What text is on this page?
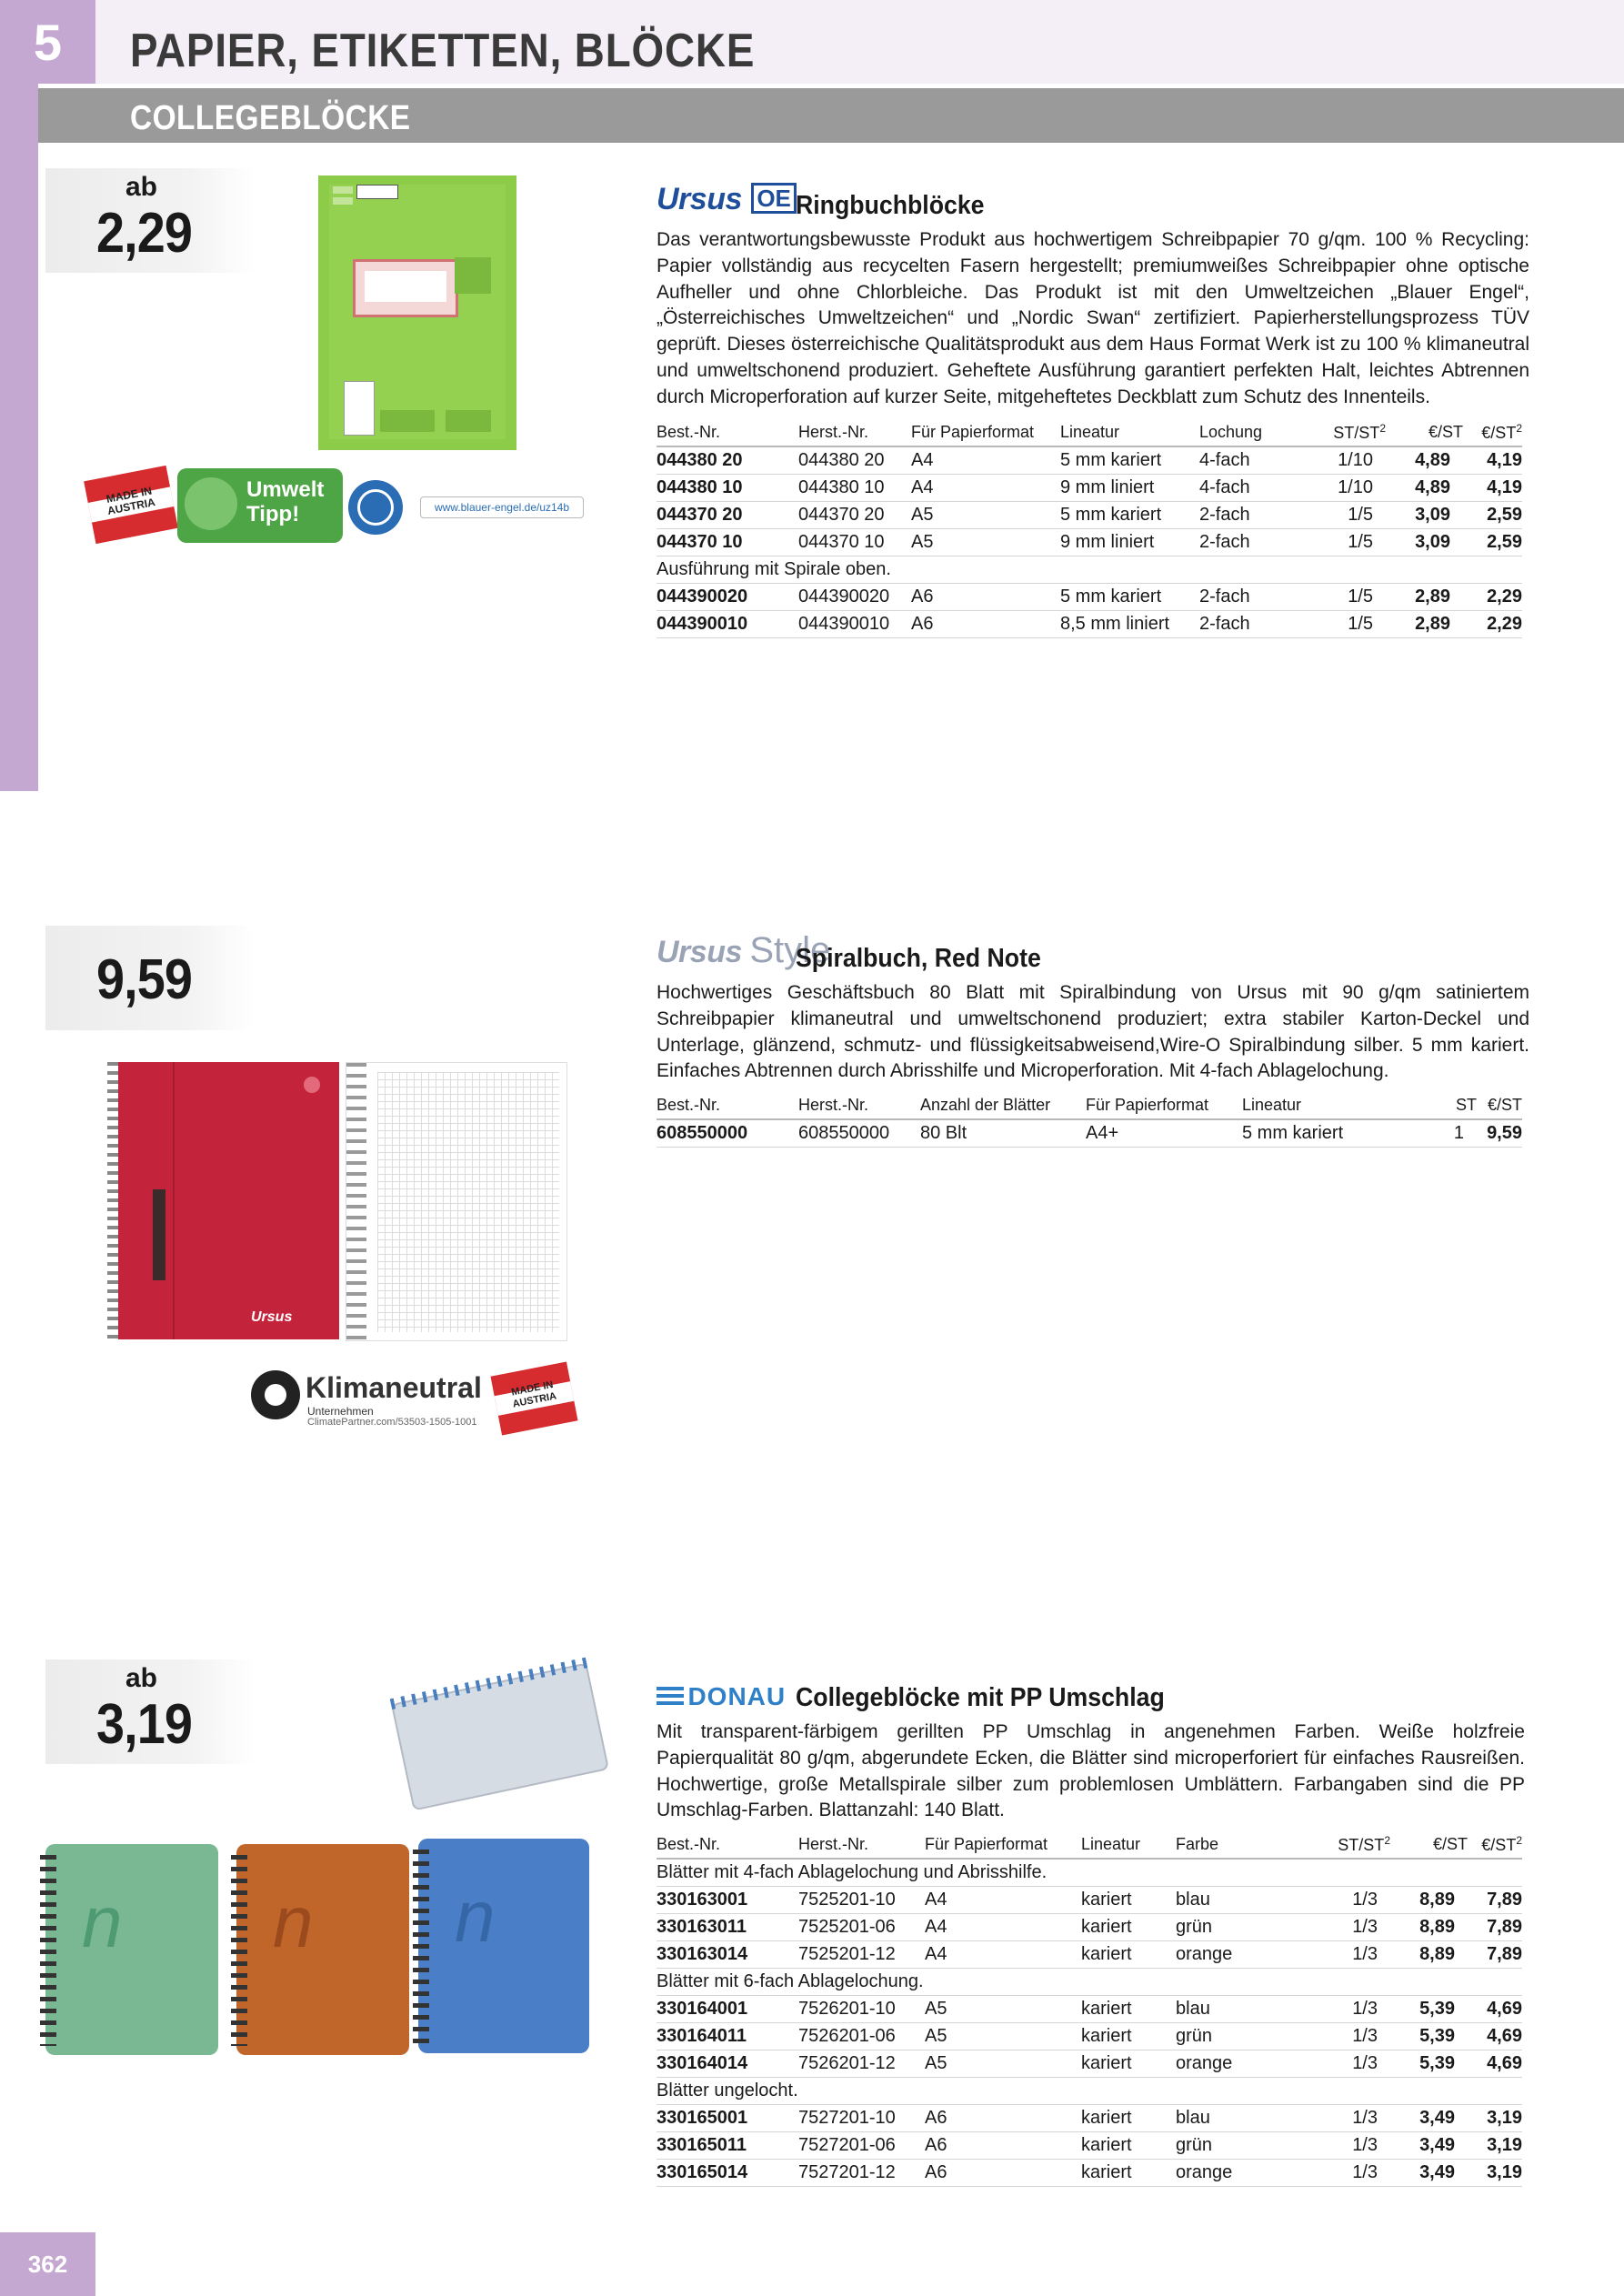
5	PAPIER, ETIKETTEN, BLÖCKE
COLLEGEBLÖCKE
ab
2,29
MADE IN AUSTRIA
Umwelt Tipp!	www.blauer-engel.de/uz14b
Ursus OE Ringbuchblöcke
Das verantwortungsbewusste Produkt aus hochwertigem Schreibpapier 70 g/qm. 100 % Recycling: Papier vollständig aus recycelten Fasern hergestellt; premiumweißes Schreibpapier ohne optische Aufheller und ohne Chlorbleiche. Das Produkt ist mit den Umweltzeichen „Blauer Engel“, „Österreichisches Umweltzeichen“ und „Nordic Swan“ zertifiziert. Papierherstellungsprozess TÜV geprüft. Dieses österreichische Qualitätsprodukt aus dem Haus Format Werk ist zu 100 % klimaneutral und umweltschonend produziert. Geheftete Ausführung garantiert perfekten Halt, leichtes Abtrennen durch Microperforation auf kurzer Seite, mitgeheftetes Deckblatt zum Schutz des Innenteils.
Best.-Nr.	Herst.-Nr.	Für Papierformat	Lineatur	Lochung	$ST/ST^2$	€/ST	$€/ST^2$
044380 20	044380 20	A4	5 mm kariert	4-fach	1/10	4,89	4,19
044380 10	044380 10	A4	9 mm liniert	4-fach	1/10	4,89	4,19
044370 20	044370 20	A5	5 mm kariert	2-fach	1/5	3,09	2,59
044370 10	044370 10	A5	9 mm liniert	2-fach	1/5	3,09	2,59
Ausführung mit Spirale oben.							
044390020	044390020	A6	5 mm kariert	2-fach	1/5	2,89	2,29
044390010	044390010	A6	8,5 mm liniert	2-fach	1/5	2,89	2,29
9,59
Ursus
Klimaneutral
Unternehmen
ClimatePartner.com/53503-1505-1001
MADE IN AUSTRIA
Ursus Style
Spiralbuch, Red Note
Hochwertiges Geschäftsbuch 80 Blatt mit Spiralbindung von Ursus mit 90 g/qm satiniertem Schreibpapier klimaneutral und umweltschonend produziert; extra stabiler Karton-Deckel und Unterlage, glänzend, schmutz- und flüssigkeitsabweisend,Wire-O Spiralbindung silber. 5 mm kariert. Einfaches Abtrennen durch Abrisshilfe und Microperforation. Mit 4-fach Ablagelochung.
Best.-Nr.	Herst.-Nr.	Anzahl der Blätter	Für Papierformat	Lineatur	ST	€/ST
608550000	608550000	80 Blt	A4+	5 mm kariert	1	9,59
ab
3,19
n n n
DONAU Collegeblöcke mit PP Umschlag
Mit transparent-färbigem gerillten PP Umschlag in angenehmen Farben. Weiße holzfreie Papierqualität 80 g/qm, abgerundete Ecken, die Blätter sind microperforiert für einfaches Rausreißen. Hochwertige, große Metallspirale silber zum problemlosen Umblättern. Farbangaben sind die PP Umschlag-Farben. Blattanzahl: 140 Blatt.
Best.-Nr.	Herst.-Nr.	Für Papierformat	Lineatur	Farbe	$ST/ST^2$	€/ST	$€/ST^2$
Blätter mit 4-fach Ablagelochung und Abrisshilfe.							
330163001	7525201-10	A4	kariert	blau	1/3	8,89	7,89
330163011	7525201-06	A4	kariert	grün	1/3	8,89	7,89
330163014	7525201-12	A4	kariert	orange	1/3	8,89	7,89
Blätter mit 6-fach Ablagelochung.							
330164001	7526201-10	A5	kariert	blau	1/3	5,39	4,69
330164011	7526201-06	A5	kariert	grün	1/3	5,39	4,69
330164014	7526201-12	A5	kariert	orange	1/3	5,39	4,69
Blätter ungelocht.							
330165001	7527201-10	A6	kariert	blau	1/3	3,49	3,19
330165011	7527201-06	A6	kariert	grün	1/3	3,49	3,19
330165014	7527201-12	A6	kariert	orange	1/3	3,49	3,19
362
